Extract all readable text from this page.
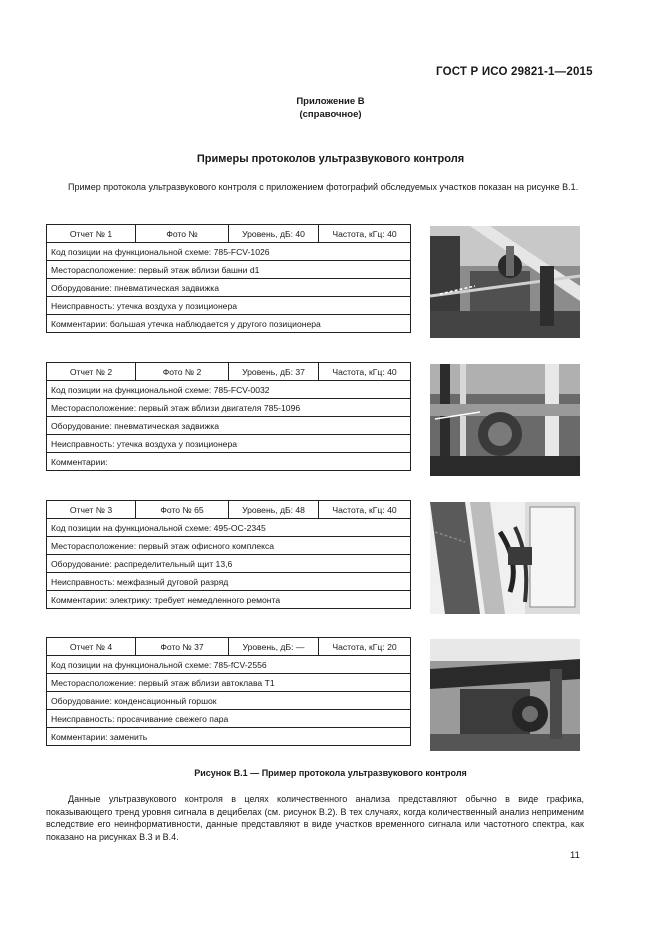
ГОСТ Р ИСО 29821-1—2015
Приложение В
(справочное)
Примеры протоколов ультразвукового контроля
Пример протокола ультразвукового контроля с приложением фотографий обследуемых участков показан на рисунке В.1.
Отчет № 1	Фото №	Уровень, дБ: 40	Частота, кГц: 40
Код позиции на функциональной схеме: 785-FCV-1026
Месторасположение: первый этаж вблизи башни d1
Оборудование: пневматическая задвижка
Неисправность: утечка воздуха у позиционера
Комментарии: большая утечка наблюдается у другого позиционера
Отчет № 2	Фото № 2	Уровень, дБ: 37	Частота, кГц: 40
Код позиции на функциональной схеме: 785-FCV-0032
Месторасположение: первый этаж вблизи двигателя 785-1096
Оборудование: пневматическая задвижка
Неисправность: утечка воздуха у позиционера
Комментарии:
Отчет № 3	Фото № 65	Уровень, дБ: 48	Частота, кГц: 40
Код позиции на функциональной схеме: 495-ОС-2345
Месторасположение: первый этаж офисного комплекса
Оборудование: распределительный щит 13,6
Неисправность: межфазный дуговой разряд
Комментарии: электрику: требует немедленного ремонта
Отчет № 4	Фото № 37	Уровень, дБ: —	Частота, кГц: 20
Код позиции на функциональной схеме: 785-fCV-2556
Месторасположение: первый этаж вблизи автоклава Т1
Оборудование: конденсационный горшок
Неисправность: просачивание свежего пара
Комментарии: заменить
Рисунок В.1 — Пример протокола ультразвукового контроля
Данные ультразвукового контроля в целях количественного анализа представляют обычно в виде графика, показывающего тренд уровня сигнала в децибелах (см. рисунок В.2). В тех случаях, когда количественный анализ неприменим вследствие его неинформативности, данные представляют в виде участков временного сигнала или частотного спектра, как показано на рисунках В.3 и В.4.
11
